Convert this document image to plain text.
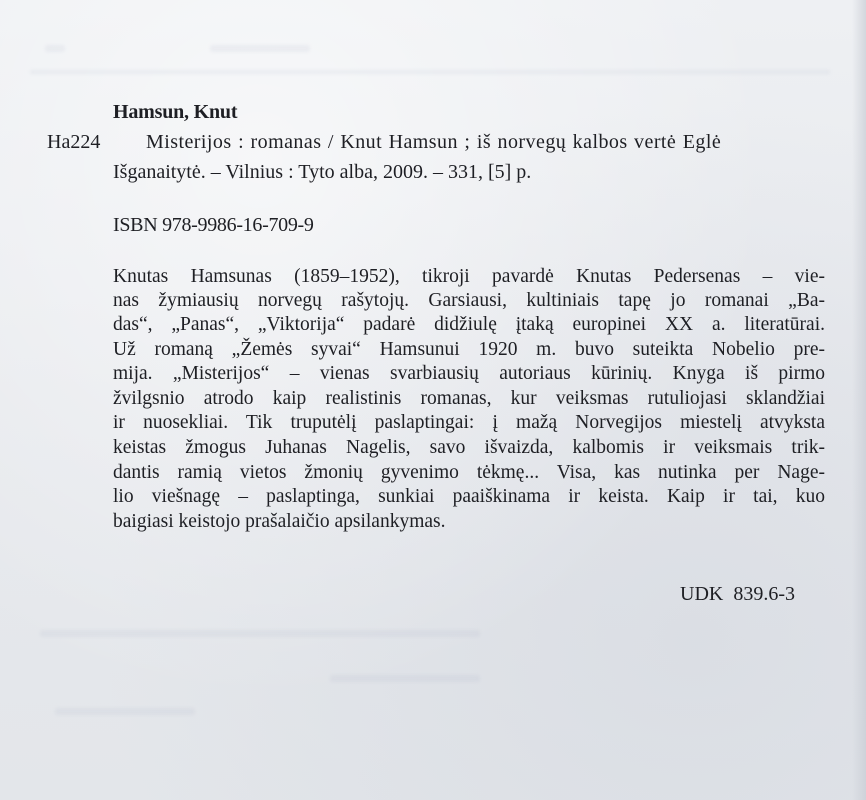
Hamsun, Knut
Ha224 Misterijos : romanas / Knut Hamsun ; iš norvegų kalbos vertė Eglė
Išganaitytė. – Vilnius : Tyto alba, 2009. – 331, [5] p.
ISBN 978-9986-16-709-9
Knutas Hamsunas (1859–1952), tikroji pavardė Knutas Pedersenas – vie-
nas žymiausių norvegų rašytojų. Garsiausi, kultiniais tapę jo romanai „Ba-
das“, „Panas“, „Viktorija“ padarė didžiulę įtaką europinei XX a. literatūrai.
Už romaną „Žemės syvai“ Hamsunui 1920 m. buvo suteikta Nobelio pre-
mija. „Misterijos“ – vienas svarbiausių autoriaus kūrinių. Knyga iš pirmo
žvilgsnio atrodo kaip realistinis romanas, kur veiksmas rutuliojasi sklandžiai
ir nuosekliai. Tik truputėlį paslaptingai: į mažą Norvegijos miestelį atvyksta
keistas žmogus Juhanas Nagelis, savo išvaizda, kalbomis ir veiksmais trik-
dantis ramią vietos žmonių gyvenimo tėkmę... Visa, kas nutinka per Nage-
lio viešnagę – paslaptinga, sunkiai paaiškinama ir keista. Kaip ir tai, kuo
baigiasi keistojo prašalaičio apsilankymas.
UDK  839.6-3
